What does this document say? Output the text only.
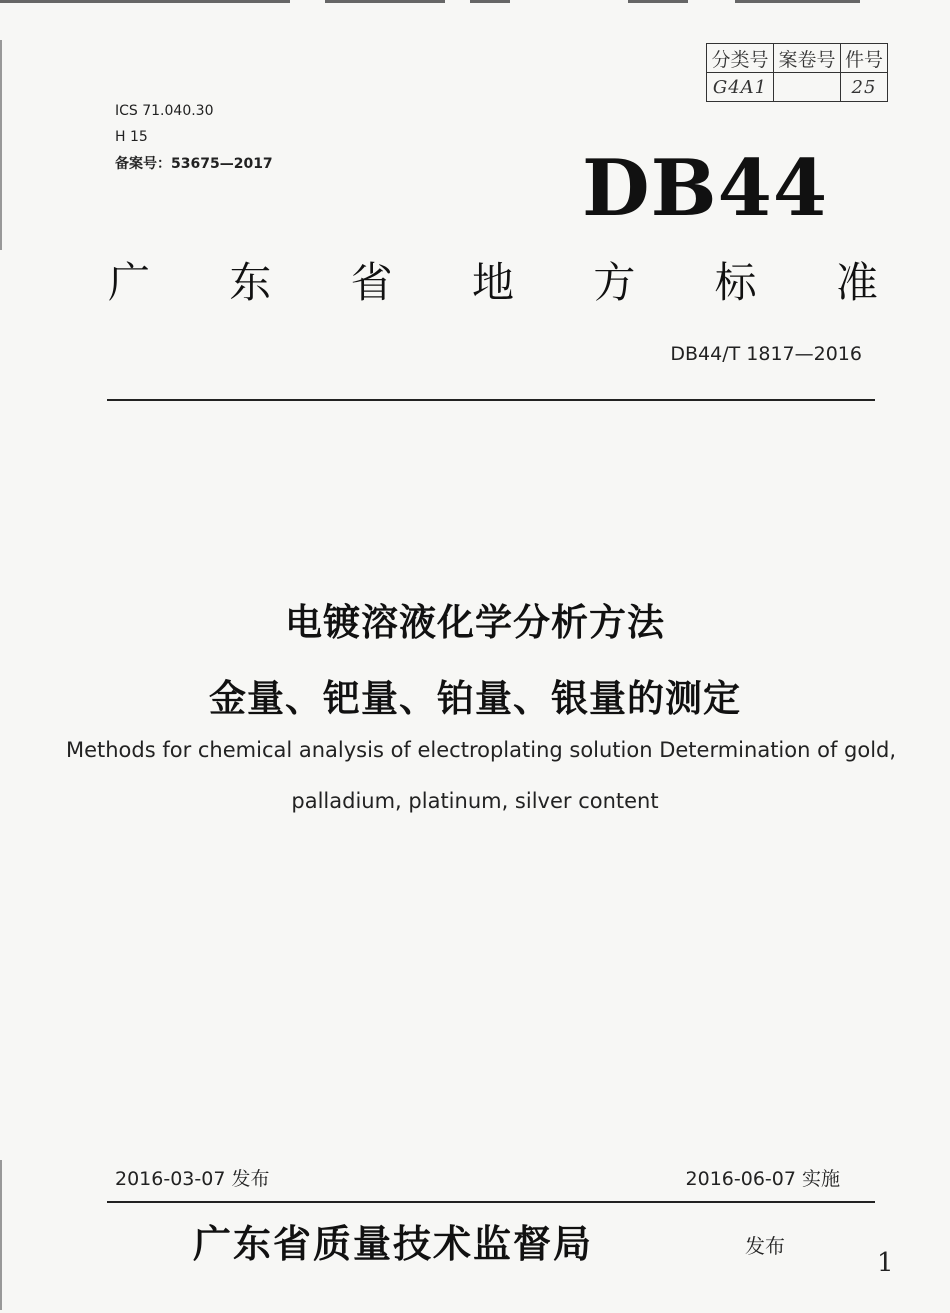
分类号	案卷号	件号
G4A1		25
ICS 71.040.30
H 15
备案号：53675—2017	DB44
广 东 省 地 方 标 准
DB44/T 1817—2016
电镀溶液化学分析方法
金量、钯量、铂量、银量的测定
Methods for chemical analysis of electroplating solution Determination of gold,
palladium, platinum, silver content
2016-03-07 发布	2016-06-07 实施
广东省质量技术监督局	发布
1
